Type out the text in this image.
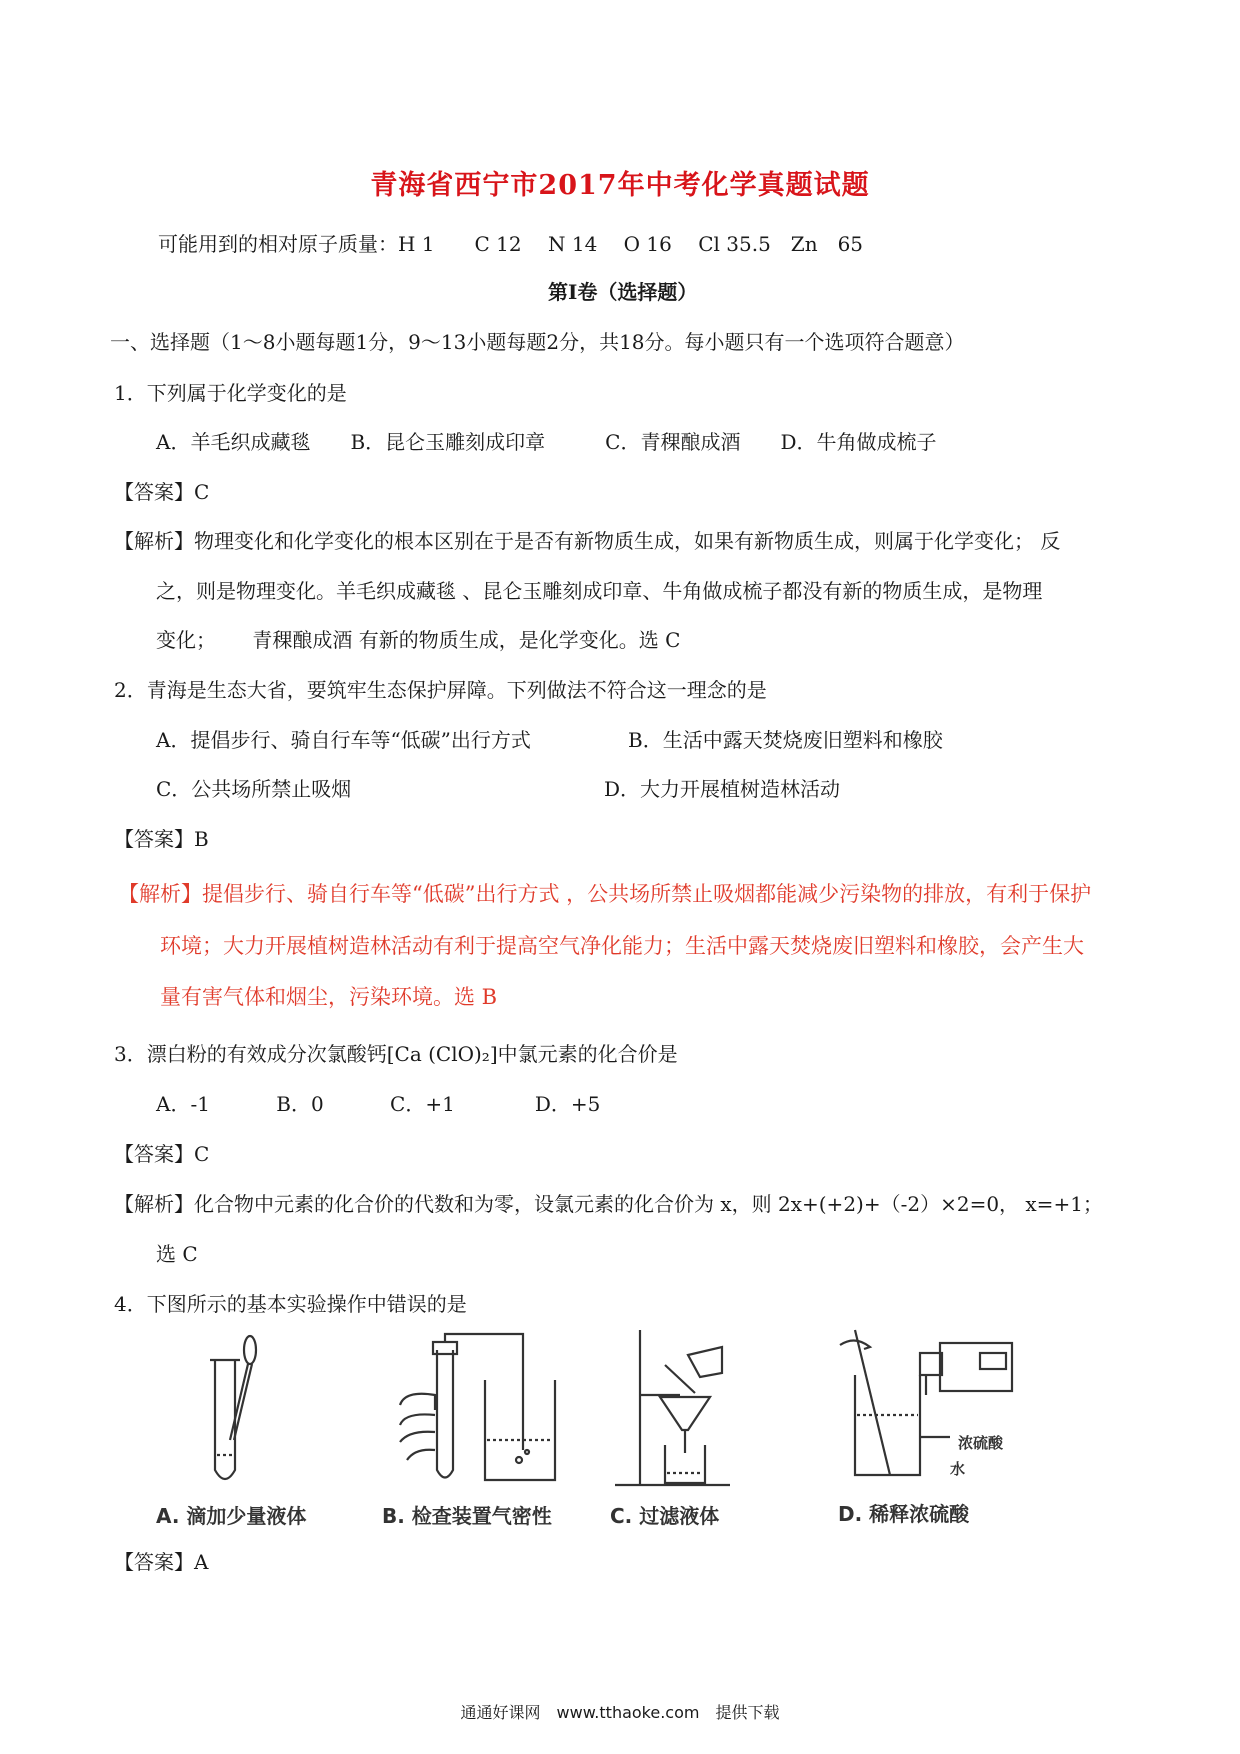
青海省西宁市2017年中考化学真题试题
可能用到的相对原子质量：H 1　　C 12　 N 14　 O 16　 Cl 35.5　Zn　65
第Ⅰ卷（选择题）
一、选择题（1～8小题每题1分，9～13小题每题2分，共18分。每小题只有一个选项符合题意）
1．下列属于化学变化的是
A．羊毛织成藏毯　　B．昆仑玉雕刻成印章　　　C．青稞酿成酒　　D．牛角做成梳子
【答案】C
【解析】物理变化和化学变化的根本区别在于是否有新物质生成，如果有新物质生成，则属于化学变化； 反
之，则是物理变化。羊毛织成藏毯 、昆仑玉雕刻成印章、牛角做成梳子都没有新的物质生成，是物理
变化；　　 青稞酿成酒 有新的物质生成，是化学变化。选 C
2．青海是生态大省，要筑牢生态保护屏障。下列做法不符合这一理念的是
A．提倡步行、骑自行车等“低碳”出行方式	B．生活中露天焚烧废旧塑料和橡胶
C．公共场所禁止吸烟	D．大力开展植树造林活动
【答案】B
【解析】提倡步行、骑自行车等“低碳”出行方式 ，公共场所禁止吸烟都能减少污染物的排放，有利于保护
环境；大力开展植树造林活动有利于提高空气净化能力；生活中露天焚烧废旧塑料和橡胶，会产生大
量有害气体和烟尘，污染环境。选 B
3．漂白粉的有效成分次氯酸钙[Ca (ClO)₂]中氯元素的化合价是
A．-1　　　 B．0　　　 C．+1　　　　D．+5
【答案】C
【解析】化合物中元素的化合价的代数和为零，设氯元素的化合价为 x，则 2x+(+2)+（-2）×2=0， x=+1；
选 C
4．下图所示的基本实验操作中错误的是
A. 滴加少量液体	B. 检查装置气密性	C. 过滤液体
浓硫酸
水
D. 稀释浓硫酸
【答案】A
通通好课网　www.tthaoke.com　提供下载
